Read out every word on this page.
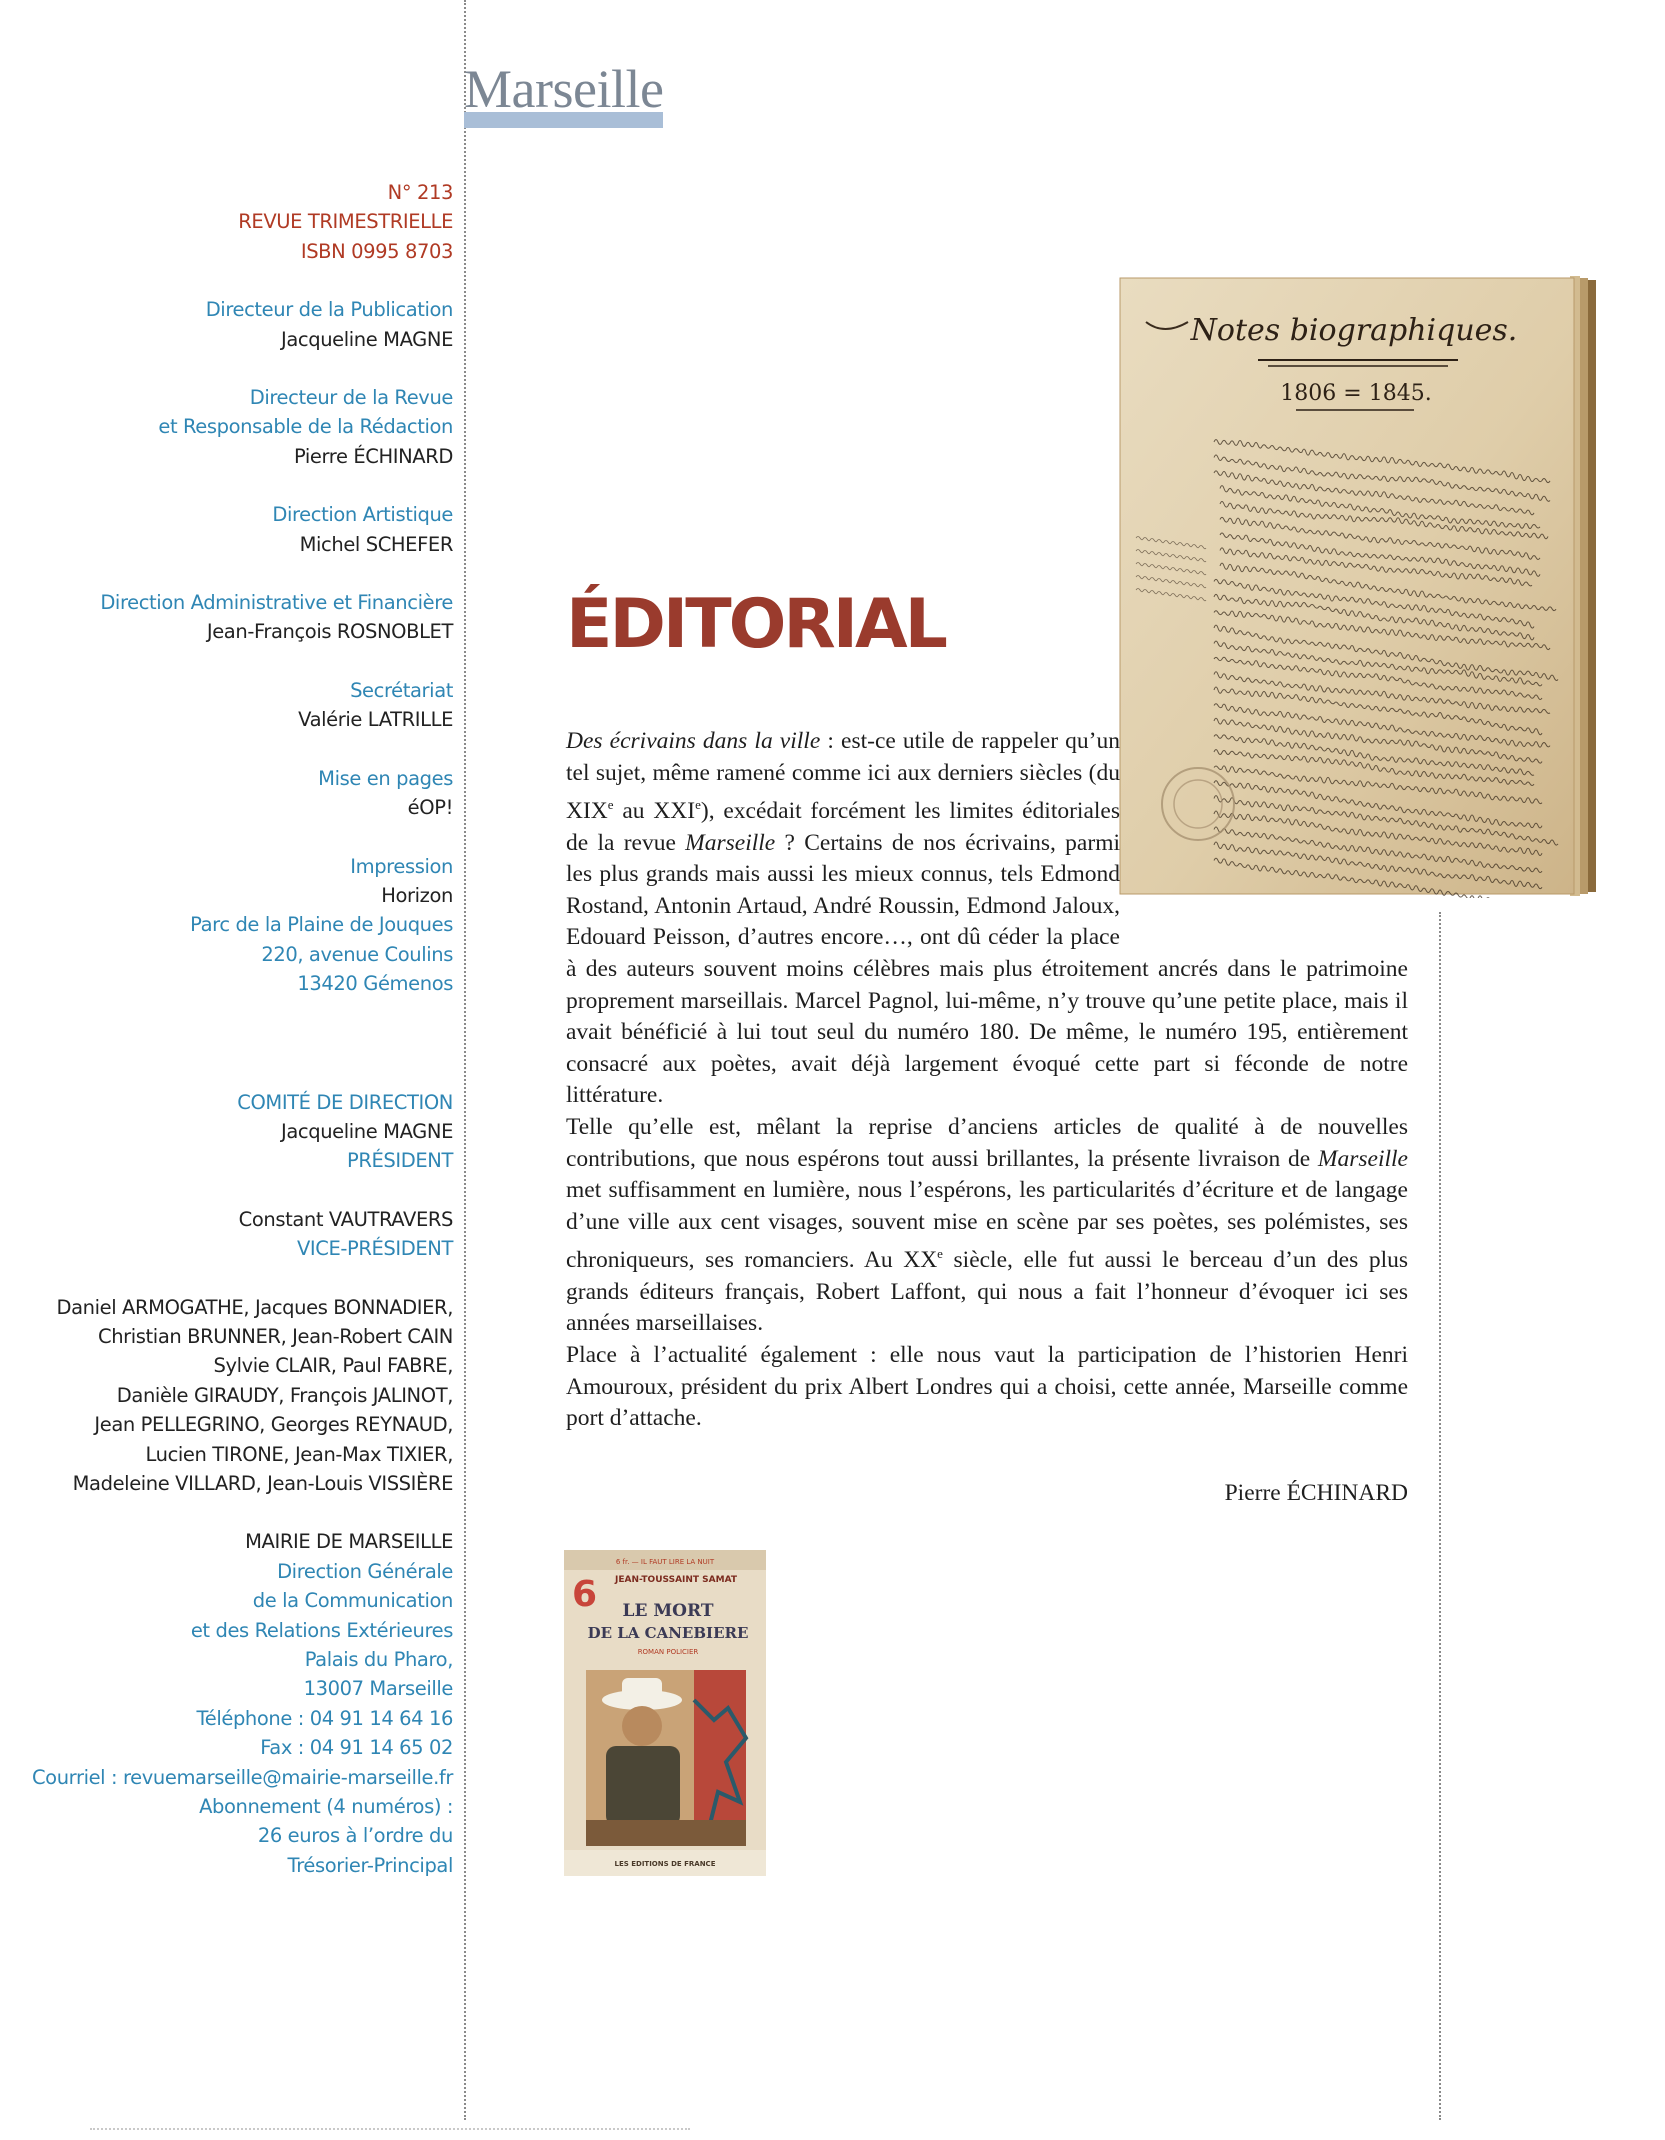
Marseille
N° 213
REVUE TRIMESTRIELLE
ISBN 0995 8703
Directeur de la Publication
Jacqueline MAGNE
Directeur de la Revue
et Responsable de la Rédaction
Pierre ÉCHINARD
Direction Artistique
Michel SCHEFER
Direction Administrative et Financière
Jean-François ROSNOBLET
Secrétariat
Valérie LATRILLE
Mise en pages
éOP!
Impression
Horizon
Parc de la Plaine de Jouques
220, avenue Coulins
13420 Gémenos
COMITÉ DE DIRECTION
Jacqueline MAGNE
PRÉSIDENT
Constant VAUTRAVERS
VICE-PRÉSIDENT
Daniel ARMOGATHE, Jacques BONNADIER,
Christian BRUNNER, Jean-Robert CAIN
Sylvie CLAIR, Paul FABRE,
Danièle GIRAUDY, François JALINOT,
Jean PELLEGRINO, Georges REYNAUD,
Lucien TIRONE, Jean-Max TIXIER,
Madeleine VILLARD, Jean-Louis VISSIÈRE
MAIRIE DE MARSEILLE
Direction Générale
de la Communication
et des Relations Extérieures
Palais du Pharo,
13007 Marseille
Téléphone : 04 91 14 64 16
Fax : 04 91 14 65 02
Courriel : revuemarseille@mairie-marseille.fr
Abonnement (4 numéros) :
26 euros à l’ordre du
Trésorier-Principal
ÉDITORIAL
Notes biographiques.
1806 = 1845.

Des écrivains dans la ville : est-ce utile de rappeler qu’un tel sujet, même ramené comme ici aux derniers siècles (du XIXe au XXIe), excédait forcément les limites éditoriales de la revue Marseille ? Certains de nos écrivains, parmi les plus grands mais aussi les mieux connus, tels Edmond Rostand, Antonin Artaud, André Roussin, Edmond Jaloux, Edouard Peisson, d’autres encore…, ont dû céder la place à des auteurs souvent moins célèbres mais plus étroitement ancrés dans le patrimoine proprement marseillais. Marcel Pagnol, lui-même, n’y trouve qu’une petite place, mais il avait bénéficié à lui tout seul du numéro 180. De même, le numéro 195, entièrement consacré aux poètes, avait déjà largement évoqué cette part si féconde de notre littérature.

Telle qu’elle est, mêlant la reprise d’anciens articles de qualité à de nouvelles contributions, que nous espérons tout aussi brillantes, la présente livraison de Marseille met suffisamment en lumière, nous l’espérons, les particularités d’écriture et de langage d’une ville aux cent visages, souvent mise en scène par ses poètes, ses polémistes, ses chroniqueurs, ses romanciers. Au XXe siècle, elle fut aussi le berceau d’un des plus grands éditeurs français, Robert Laffont, qui nous a fait l’honneur d’évoquer ici ses années marseillaises.

Place à l’actualité également : elle nous vaut la participation de l’historien Henri Amouroux, président du prix Albert Londres qui a choisi, cette année, Marseille comme port d’attache.

Pierre ÉCHINARD
6 fr. — IL FAUT LIRE LA NUIT
6 JEAN-TOUSSAINT SAMAT
LE MORT
DE LA CANEBIERE
ROMAN POLICIER
LES EDITIONS DE FRANCE
